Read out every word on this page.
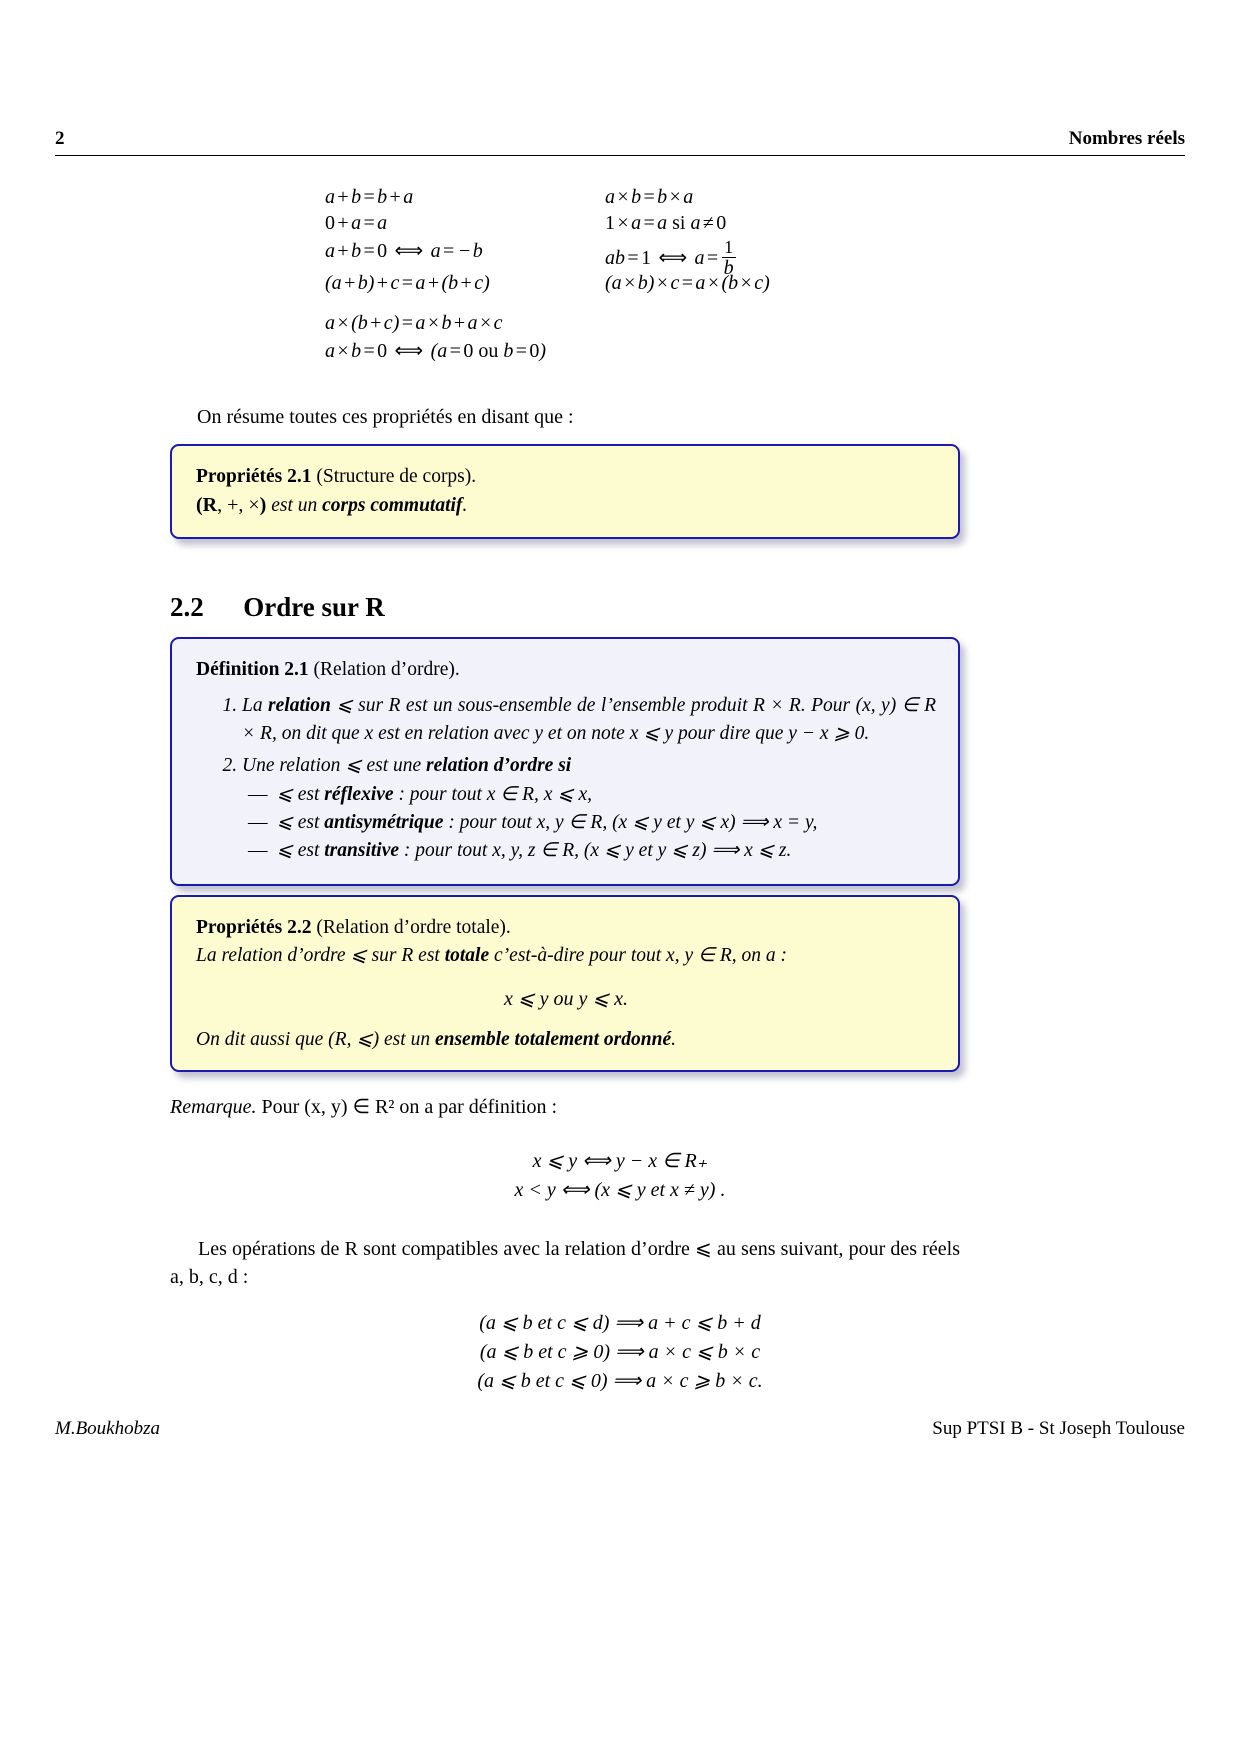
2	Nombres réels
a + b = b + a
0 + a = a
a + b = 0 ⟺ a = − b
(a + b) + c = a + (b + c)
a × b = b × a
1 × a = a si a ≠ 0
ab = 1 ⟺ $a = \frac{1}{b}$
(a × b) × c = a × (b × c)
a × (b + c) = a × b + a × c
a × b = 0 ⟺ (a = 0 ou b = 0)
On résume toutes ces propriétés en disant que :
Propriétés 2.1 (Structure de corps).
(R, +, ×) est un corps commutatif.
2.2 Ordre sur R
Définition 2.1 (Relation d’ordre).
1. La relation ⩽ sur R est un sous-ensemble de l’ensemble produit R × R. Pour (x, y) ∈ R × R, on dit que x est en relation avec y et on note x ⩽ y pour dire que y − x ⩾ 0.
2. Une relation ⩽ est une relation d’ordre si
— ⩽ est réflexive : pour tout x ∈ R, x ⩽ x,
— ⩽ est antisymétrique : pour tout x, y ∈ R, (x ⩽ y et y ⩽ x) ⟹ x = y,
— ⩽ est transitive : pour tout x, y, z ∈ R, (x ⩽ y et y ⩽ z) ⟹ x ⩽ z.
Propriétés 2.2 (Relation d’ordre totale).
La relation d’ordre ⩽ sur R est totale c’est-à-dire pour tout x, y ∈ R, on a :
x ⩽ y ou y ⩽ x.
On dit aussi que (R, ⩽) est un ensemble totalement ordonné.
Remarque. Pour (x, y) ∈ R² on a par définition :
x ⩽ y ⟺ y − x ∈ R₊
x < y ⟺ (x ⩽ y et x ≠ y) .
Les opérations de R sont compatibles avec la relation d’ordre ⩽ au sens suivant, pour des réels a, b, c, d :
(a ⩽ b et c ⩽ d) ⟹ a + c ⩽ b + d
(a ⩽ b et c ⩾ 0) ⟹ a × c ⩽ b × c
(a ⩽ b et c ⩽ 0) ⟹ a × c ⩾ b × c.
M.Boukhobza	Sup PTSI B - St Joseph Toulouse
